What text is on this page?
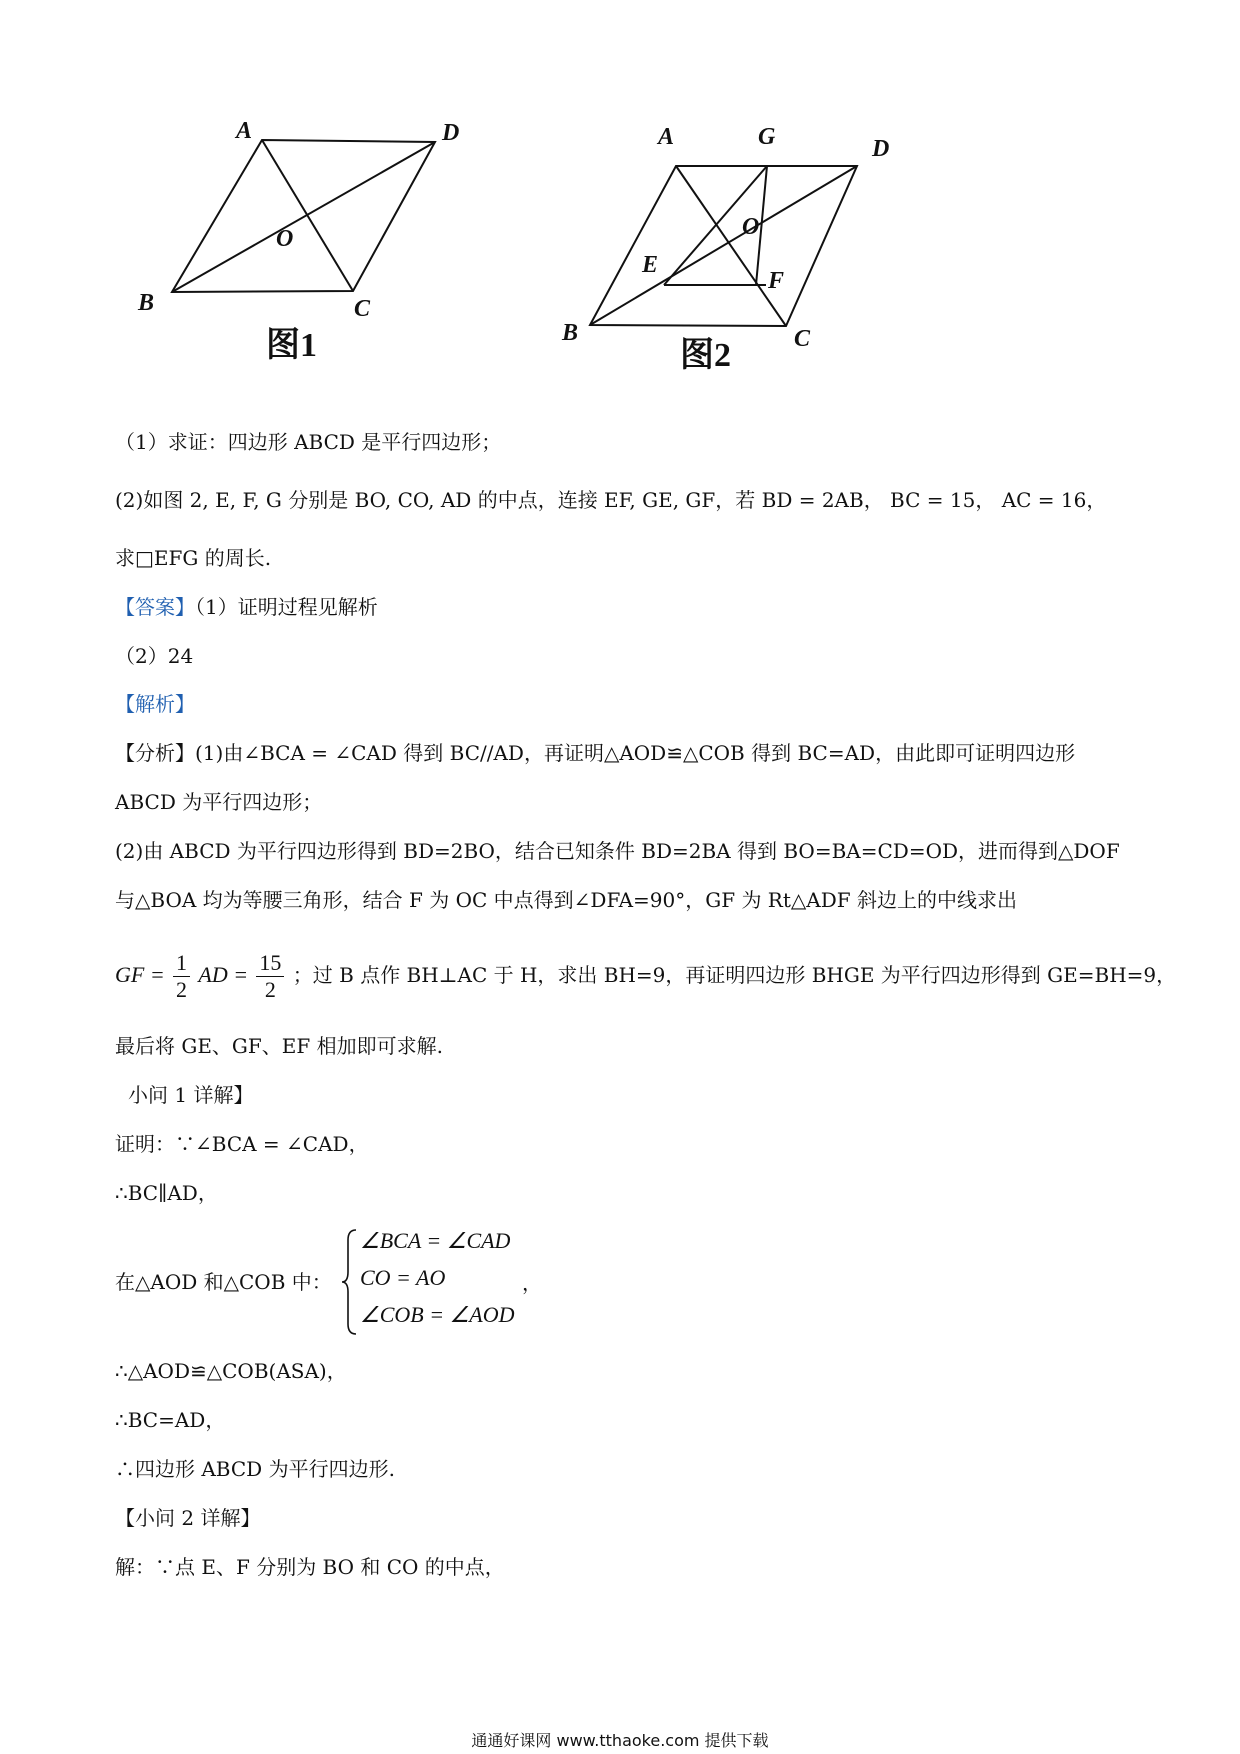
A	D
O
B	C
图1
A	G	D
O
E
F
B	C
图2
（1）求证：四边形 ABCD 是平行四边形；
(2)如图 2, E, F, G 分别是 BO, CO, AD 的中点，连接 EF, GE, GF，若 BD = 2AB， BC = 15， AC = 16，
求□EFG 的周长.
【答案】（1）证明过程见解析
（2）24
【解析】
【分析】(1)由∠BCA = ∠CAD 得到 BC//AD，再证明△AOD≌△COB 得到 BC=AD，由此即可证明四边形
ABCD 为平行四边形；
(2)由 ABCD 为平行四边形得到 BD=2BO，结合已知条件 BD=2BA 得到 BO=BA=CD=OD，进而得到△DOF
与△BOA 均为等腰三角形，结合 F 为 OC 中点得到∠DFA=90°，GF 为 Rt△ADF 斜边上的中线求出
GF = $\frac{1}{2}$ AD = $\frac{15}{2}$ ；过 B 点作 BH⊥AC 于 H，求出 BH=9，再证明四边形 BHGE 为平行四边形得到 GE=BH=9，
最后将 GE、GF、EF 相加即可求解.
小问 1 详解】
证明：∵∠BCA = ∠CAD，
∴BC∥AD，
在△AOD 和△COB 中：
∠BCA = ∠CAD
CO = AO
∠COB = ∠AOD
，
∴△AOD≌△COB(ASA)，
∴BC=AD，
∴四边形 ABCD 为平行四边形.
【小问 2 详解】
解：∵点 E、F 分别为 BO 和 CO 的中点，
通通好课网 www.tthaoke.com 提供下载
